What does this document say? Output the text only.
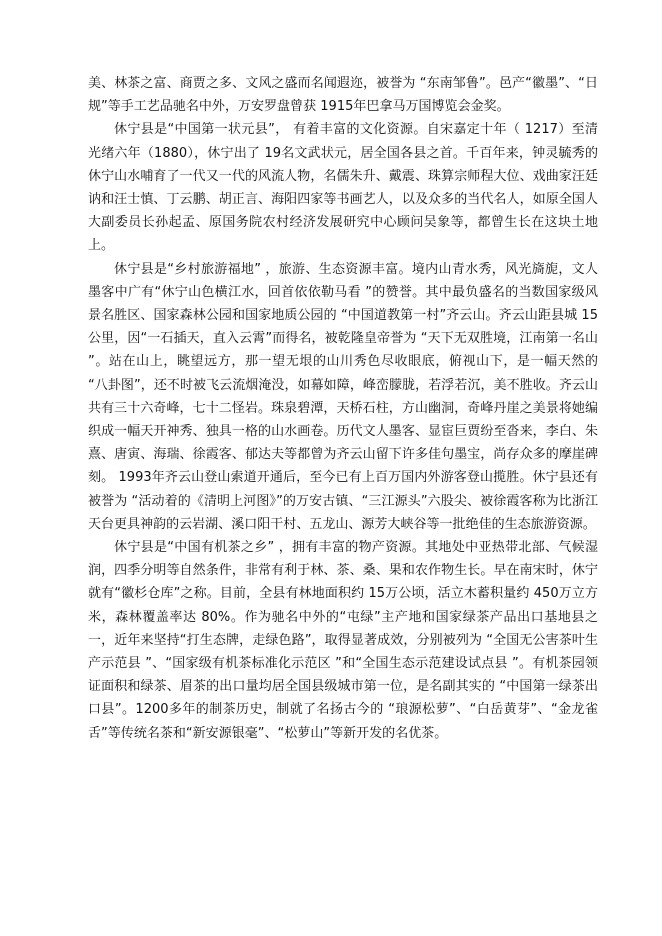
美、林茶之富、商贾之多、文风之盛而名闻遐迩，被誉为 “东南邹鲁”。邑产“徽墨”、“日规”等手工艺品驰名中外，万安罗盘曾获 1915年巴拿马万国博览会金奖。

休宁县是“中国第一状元县”， 有着丰富的文化资源。自宋嘉定十年（ 1217）至清光绪六年（1880），休宁出了 19名文武状元，居全国各县之首。千百年来，钟灵毓秀的休宁山水哺育了一代又一代的风流人物，名儒朱升、戴震、珠算宗师程大位、戏曲家汪廷讷和汪士慎、丁云鹏、胡正言、海阳四家等书画艺人，以及众多的当代名人，如原全国人大副委员长孙起孟、原国务院农村经济发展研究中心顾问吴象等，都曾生长在这块土地上。

休宁县是“乡村旅游福地” ，旅游、生态资源丰富。境内山青水秀，风光旖旎，文人墨客中广有“休宁山色横江水，回首依依勒马看 ”的赞誉。其中最负盛名的当数国家级风景名胜区、国家森林公园和国家地质公园的 “中国道教第一村”齐云山。齐云山距县城 15公里，因“一石插天，直入云霄”而得名，被乾隆皇帝誉为 “天下无双胜境，江南第一名山 ”。站在山上，眺望远方，那一望无垠的山川秀色尽收眼底，俯视山下，是一幅天然的 “八卦图”，还不时被飞云流烟淹没，如幕如障，峰峦朦胧，若浮若沉，美不胜收。齐云山共有三十六奇峰，七十二怪岩。珠泉碧潭，天桥石柱，方山幽洞，奇峰丹崖之美景将她编织成一幅天开神秀、独具一格的山水画卷。历代文人墨客、显宦巨贾纷至沓来，李白、朱熹、唐寅、海瑞、徐霞客、郁达夫等都曾为齐云山留下许多佳句墨宝，尚存众多的摩崖碑刻。 1993年齐云山登山索道开通后，至今已有上百万国内外游客登山揽胜。休宁县还有被誉为 “活动着的《清明上河图》”的万安古镇、“三江源头”六股尖、被徐霞客称为比浙江天台更具神韵的云岩湖、溪口阳干村、五龙山、源芳大峡谷等一批绝佳的生态旅游资源。

休宁县是“中国有机茶之乡” ，拥有丰富的物产资源。其地处中亚热带北部、气候湿润，四季分明等自然条件，非常有利于林、茶、桑、果和农作物生长。早在南宋时，休宁就有“徽杉仓库”之称。目前，全县有林地面积约 15万公顷，活立木蓄积量约 450万立方米，森林覆盖率达 80%。作为驰名中外的“屯绿”主产地和国家绿茶产品出口基地县之一，近年来坚持“打生态牌，走绿色路”，取得显著成效，分别被列为 “全国无公害茶叶生产示范县 ”、“国家级有机茶标准化示范区 ”和“全国生态示范建设试点县 ”。有机茶园领证面积和绿茶、眉茶的出口量均居全国县级城市第一位，是名副其实的 “中国第一绿茶出口县”。1200多年的制茶历史，制就了名扬古今的 “琅源松萝”、“白岳黄芽”、“金龙雀舌”等传统名茶和“新安源银毫”、“松萝山”等新开发的名优茶。
